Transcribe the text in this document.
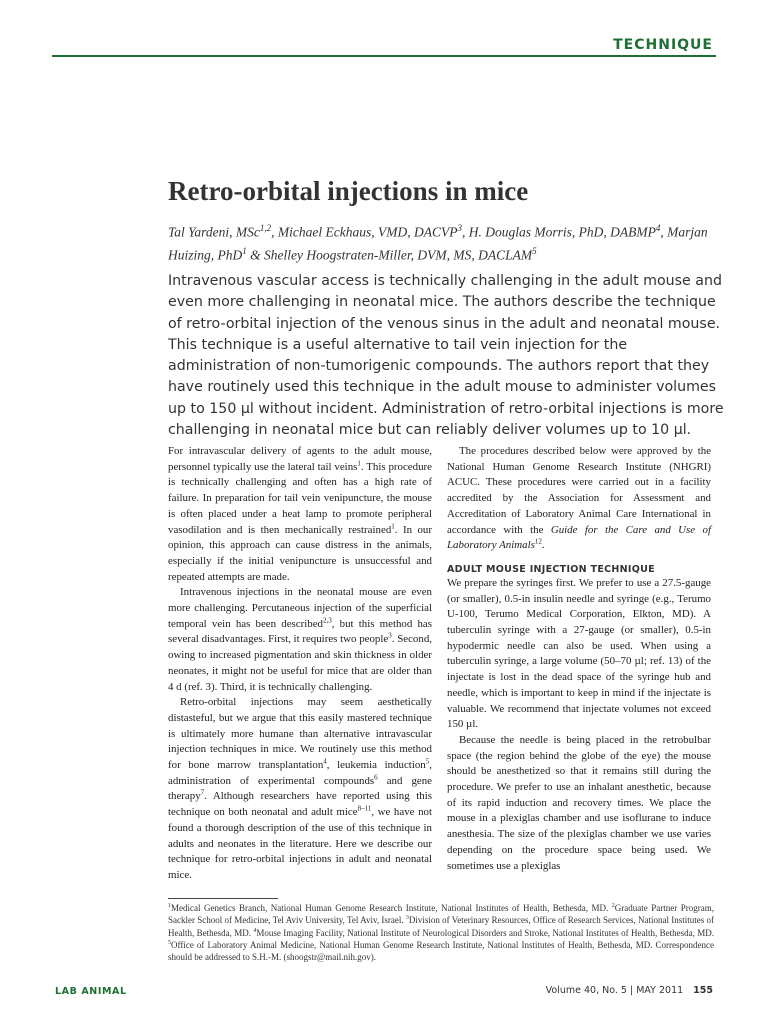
TECHNIQUE
Retro-orbital injections in mice
Tal Yardeni, MSc$^{1,2}$, Michael Eckhaus, VMD, DACVP$^3$, H. Douglas Morris, PhD, DABMP$^4$, Marjan Huizing, PhD$^1$ & Shelley Hoogstraten-Miller, DVM, MS, DACLAM$^5$
Intravenous vascular access is technically challenging in the adult mouse and even more challenging in neonatal mice. The authors describe the technique of retro-orbital injection of the venous sinus in the adult and neonatal mouse. This technique is a useful alternative to tail vein injection for the administration of non-tumorigenic compounds. The authors report that they have routinely used this technique in the adult mouse to administer volumes up to 150 µl without incident. Administration of retro-orbital injections is more challenging in neonatal mice but can reliably deliver volumes up to 10 µl.

For intravascular delivery of agents to the adult mouse, personnel typically use the lateral tail veins$^1$. This procedure is technically challenging and often has a high rate of failure. In preparation for tail vein venipuncture, the mouse is often placed under a heat lamp to promote peripheral vasodilation and is then mechanically restrained$^1$. In our opinion, this approach can cause distress in the animals, especially if the initial venipuncture is unsuccessful and repeated attempts are made.

Intravenous injections in the neonatal mouse are even more challenging. Percutaneous injection of the superficial temporal vein has been described$^{2,3}$, but this method has several disadvantages. First, it requires two people$^3$. Second, owing to increased pigmentation and skin thickness in older neonates, it might not be useful for mice that are older than 4 d (ref. 3). Third, it is technically challenging.

Retro-orbital injections may seem aesthetically distasteful, but we argue that this easily mastered technique is ultimately more humane than alternative intravascular injection techniques in mice. We routinely use this method for bone marrow transplantation$^4$, leukemia induction$^5$, administration of experimental compounds$^6$ and gene therapy$^7$. Although researchers have reported using this technique on both neonatal and adult mice$^{8-11}$, we have not found a thorough description of the use of this technique in adults and neonates in the literature. Here we describe our technique for retro-orbital injections in adult and neonatal mice.

The procedures described below were approved by the National Human Genome Research Institute (NHGRI) ACUC. These procedures were carried out in a facility accredited by the Association for Assessment and Accreditation of Laboratory Animal Care International in accordance with the Guide for the Care and Use of Laboratory Animals$^{12}$.

ADULT MOUSE INJECTION TECHNIQUE

We prepare the syringes first. We prefer to use a 27.5-gauge (or smaller), 0.5-in insulin needle and syringe (e.g., Terumo U-100, Terumo Medical Corporation, Elkton, MD). A tuberculin syringe with a 27-gauge (or smaller), 0.5-in hypodermic needle can also be used. When using a tuberculin syringe, a large volume (50–70 µl; ref. 13) of the injectate is lost in the dead space of the syringe hub and needle, which is important to keep in mind if the injectate is valuable. We recommend that injectate volumes not exceed 150 µl.

Because the needle is being placed in the retrobulbar space (the region behind the globe of the eye) the mouse should be anesthetized so that it remains still during the procedure. We prefer to use an inhalant anesthetic, because of its rapid induction and recovery times. We place the mouse in a plexiglas chamber and use isoflurane to induce anesthesia. The size of the plexiglas chamber we use varies depending on the procedure space being used. We sometimes use a plexiglas

$^1$Medical Genetics Branch, National Human Genome Research Institute, National Institutes of Health, Bethesda, MD. $^2$Graduate Partner Program, Sackler School of Medicine, Tel Aviv University, Tel Aviv, Israel. $^3$Division of Veterinary Resources, Office of Research Services, National Institutes of Health, Bethesda, MD. $^4$Mouse Imaging Facility, National Institute of Neurological Disorders and Stroke, National Institutes of Health, Bethesda, MD. $^5$Office of Laboratory Animal Medicine, National Human Genome Research Institute, National Institutes of Health, Bethesda, MD. Correspondence should be addressed to S.H.-M. (shoogstr@mail.nih.gov).
LAB ANIMAL	Volume 40, No. 5 | MAY 2011 155
